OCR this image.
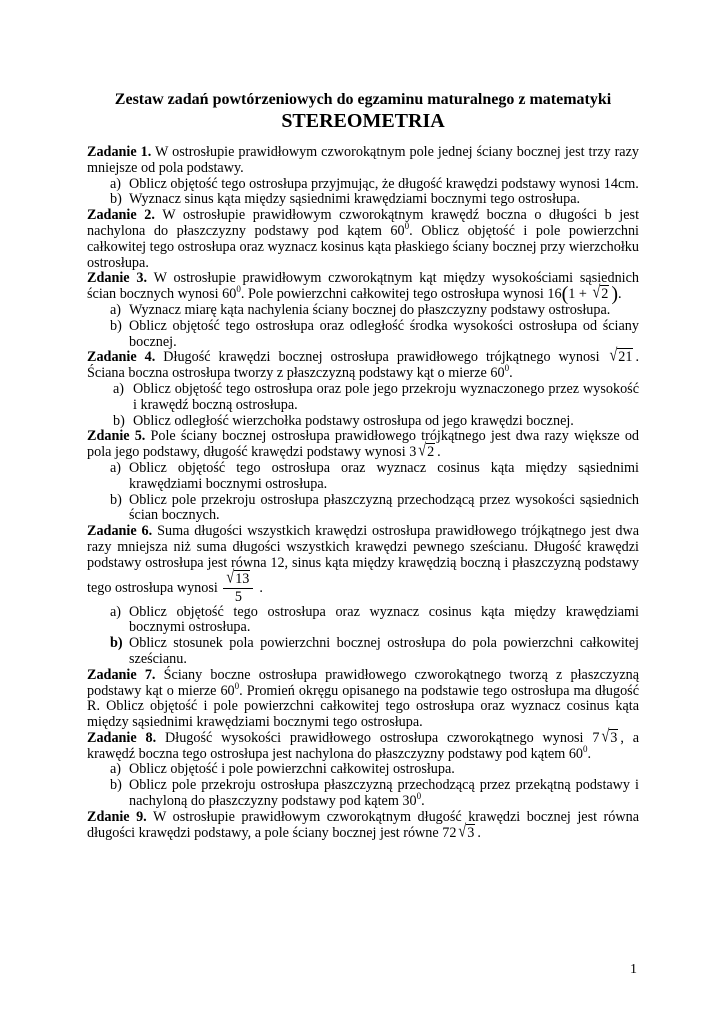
Zestaw zadań powtórzeniowych do egzaminu maturalnego z matematyki
STEREOMETRIA

Zadanie 1. W ostrosłupie prawidłowym czworokątnym pole jednej ściany bocznej jest trzy razy mniejsze od pola podstawy.

a) Oblicz objętość tego ostrosłupa przyjmując, że długość krawędzi podstawy wynosi 14cm.
b) Wyznacz sinus kąta między sąsiednimi krawędziami bocznymi tego ostrosłupa.

Zadanie 2. W ostrosłupie prawidłowym czworokątnym krawędź boczna o długości b jest nachylona do płaszczyzny podstawy pod kątem $60^0$. Oblicz objętość i pole powierzchni całkowitej tego ostrosłupa oraz wyznacz kosinus kąta płaskiego ściany bocznej przy wierzchołku ostrosłupa.

Zdanie 3. W ostrosłupie prawidłowym czworokątnym kąt między wysokościami sąsiednich ścian bocznych wynosi $60^0$. Pole powierzchni całkowitej tego ostrosłupa wynosi 16(1 + √2 ).

a) Wyznacz miarę kąta nachylenia ściany bocznej do płaszczyzny podstawy ostrosłupa.
b) Oblicz objętość tego ostrosłupa oraz odległość środka wysokości ostrosłupa od ściany bocznej.

Zadanie 4. Długość krawędzi bocznej ostrosłupa prawidłowego trójkątnego wynosi √21 . Ściana boczna ostrosłupa tworzy z płaszczyzną podstawy kąt o mierze $60^0$.

a) Oblicz objętość tego ostrosłupa oraz pole jego przekroju wyznaczonego przez wysokość i krawędź boczną ostrosłupa.
b) Oblicz odległość wierzchołka podstawy ostrosłupa od jego krawędzi bocznej.

Zdanie 5. Pole ściany bocznej ostrosłupa prawidłowego trójkątnego jest dwa razy większe od pola jego podstawy, długość krawędzi podstawy wynosi 3 √2 .

a) Oblicz objętość tego ostrosłupa oraz wyznacz cosinus kąta między sąsiednimi krawędziami bocznymi ostrosłupa.
b) Oblicz pole przekroju ostrosłupa płaszczyzną przechodzącą przez wysokości sąsiednich ścian bocznych.

Zadanie 6. Suma długości wszystkich krawędzi ostrosłupa prawidłowego trójkątnego jest dwa razy mniejsza niż suma długości wszystkich krawędzi pewnego sześcianu. Długość krawędzi podstawy ostrosłupa jest równa 12, sinus kąta między krawędzią boczną i płaszczyzną podstawy tego ostrosłupa wynosi $\frac{√13}{5}$ .

a) Oblicz objętość tego ostrosłupa oraz wyznacz cosinus kąta między krawędziami bocznymi ostrosłupa.
b) Oblicz stosunek pola powierzchni bocznej ostrosłupa do pola powierzchni całkowitej sześcianu.

Zadanie 7. Ściany boczne ostrosłupa prawidłowego czworokątnego tworzą z płaszczyzną podstawy kąt o mierze $60^0$. Promień okręgu opisanego na podstawie tego ostrosłupa ma długość R. Oblicz objętość i pole powierzchni całkowitej tego ostrosłupa oraz wyznacz cosinus kąta między sąsiednimi krawędziami bocznymi tego ostrosłupa.

Zadanie 8. Długość wysokości prawidłowego ostrosłupa czworokątnego wynosi 7 √3 , a krawędź boczna tego ostrosłupa jest nachylona do płaszczyzny podstawy pod kątem $60^0$.

a) Oblicz objętość i pole powierzchni całkowitej ostrosłupa.
b) Oblicz pole przekroju ostrosłupa płaszczyzną przechodzącą przez przekątną podstawy i nachyloną do płaszczyzny podstawy pod kątem $30^0$.

Zdanie 9. W ostrosłupie prawidłowym czworokątnym długość krawędzi bocznej jest równa długości krawędzi podstawy, a pole ściany bocznej jest równe 72 √3 .

1
